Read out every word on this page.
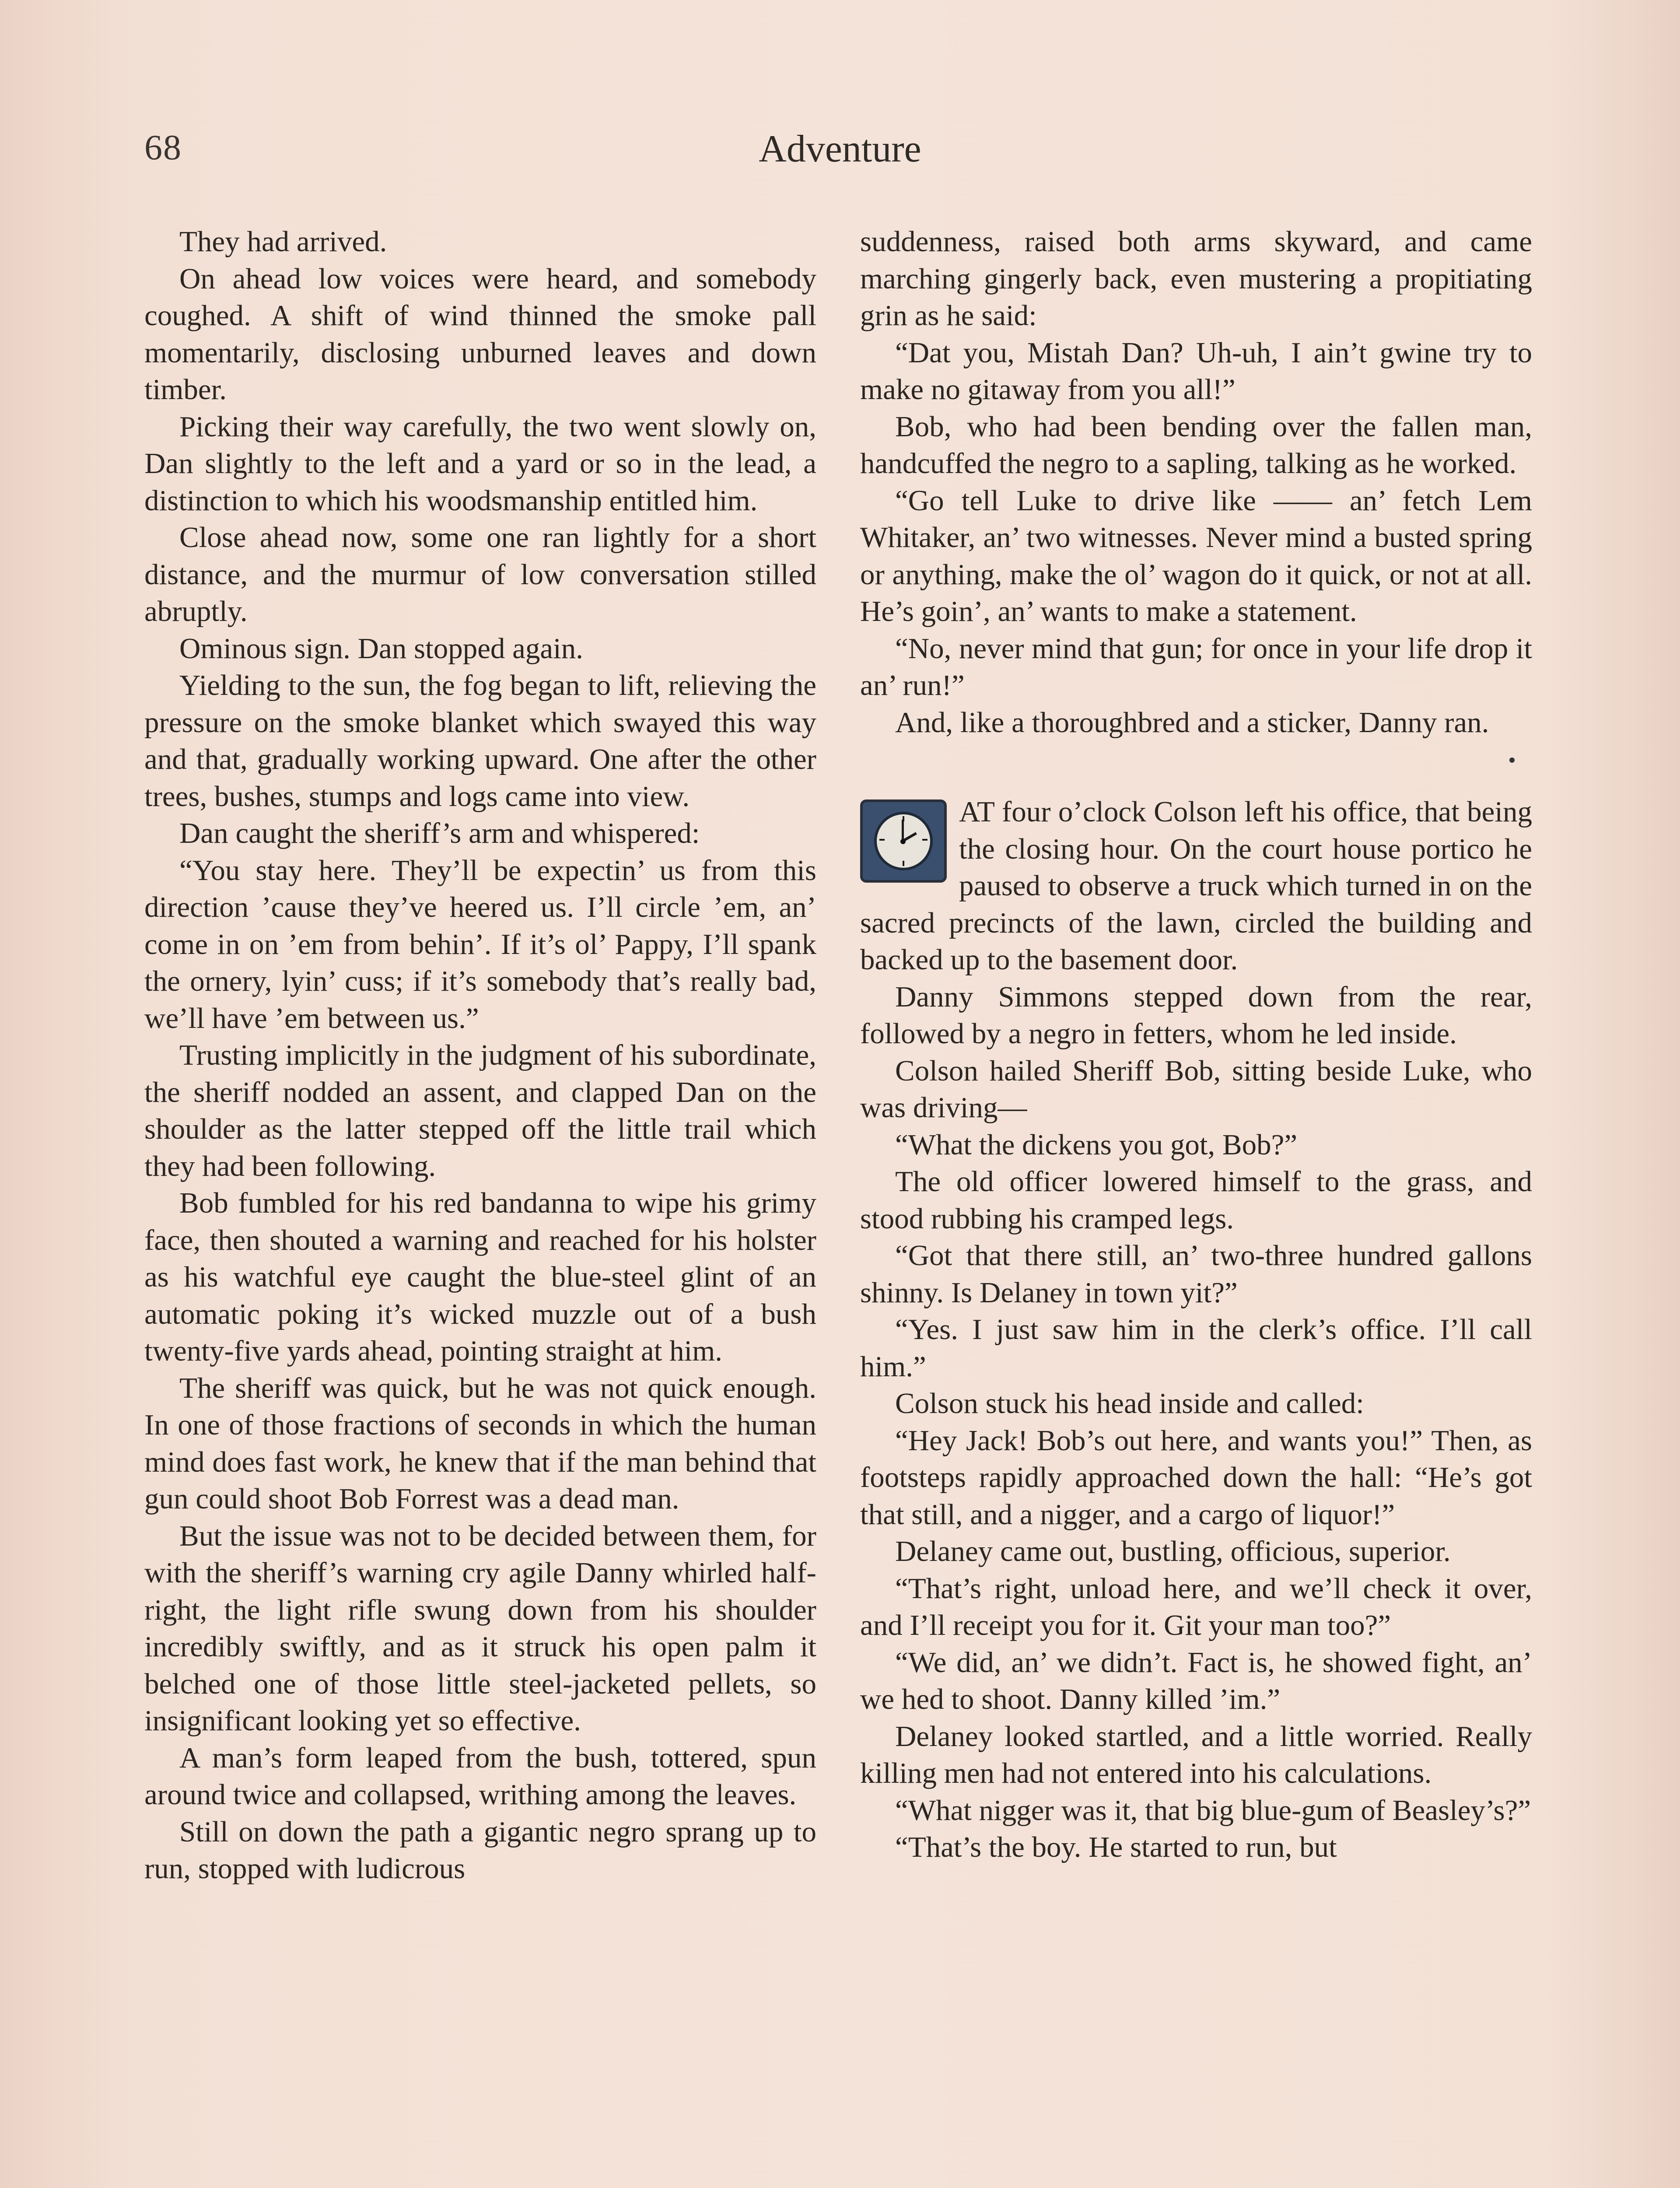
68	Adventure

They had arrived.

On ahead low voices were heard, and somebody coughed. A shift of wind thinned the smoke pall momentarily, disclosing unburned leaves and down timber.

Picking their way carefully, the two went slowly on, Dan slightly to the left and a yard or so in the lead, a distinction to which his woodsmanship entitled him.

Close ahead now, some one ran lightly for a short distance, and the murmur of low conversation stilled abruptly.

Ominous sign. Dan stopped again.

Yielding to the sun, the fog began to lift, relieving the pressure on the smoke blanket which swayed this way and that, gradually working upward. One after the other trees, bushes, stumps and logs came into view.

Dan caught the sheriff’s arm and whispered:

“You stay here. They’ll be expectin’ us from this direction ’cause they’ve heered us. I’ll circle ’em, an’ come in on ’em from behin’. If it’s ol’ Pappy, I’ll spank the ornery, lyin’ cuss; if it’s somebody that’s really bad, we’ll have ’em between us.”

Trusting implicitly in the judgment of his subordinate, the sheriff nodded an assent, and clapped Dan on the shoulder as the latter stepped off the little trail which they had been following.

Bob fumbled for his red bandanna to wipe his grimy face, then shouted a warning and reached for his holster as his watchful eye caught the blue-steel glint of an automatic poking it’s wicked muzzle out of a bush twenty-five yards ahead, pointing straight at him.

The sheriff was quick, but he was not quick enough. In one of those fractions of seconds in which the human mind does fast work, he knew that if the man behind that gun could shoot Bob Forrest was a dead man.

But the issue was not to be decided between them, for with the sheriff’s warning cry agile Danny whirled half-right, the light rifle swung down from his shoulder incredibly swiftly, and as it struck his open palm it belched one of those little steel-jacketed pellets, so insignificant looking yet so effective.

A man’s form leaped from the bush, tottered, spun around twice and collapsed, writhing among the leaves.

Still on down the path a gigantic negro sprang up to run, stopped with ludicrous

suddenness, raised both arms skyward, and came marching gingerly back, even mustering a propitiating grin as he said:

“Dat you, Mistah Dan? Uh-uh, I ain’t gwine try to make no gitaway from you all!”

Bob, who had been bending over the fallen man, handcuffed the negro to a sapling, talking as he worked.

“Go tell Luke to drive like —— an’ fetch Lem Whitaker, an’ two witnesses. Never mind a busted spring or anything, make the ol’ wagon do it quick, or not at all. He’s goin’, an’ wants to make a statement.

“No, never mind that gun; for once in your life drop it an’ run!”

And, like a thoroughbred and a sticker, Danny ran.

AT four o’clock Colson left his office, that being the closing hour. On the court house portico he paused to observe a truck which turned in on the sacred precincts of the lawn, circled the building and backed up to the basement door.

Danny Simmons stepped down from the rear, followed by a negro in fetters, whom he led inside.

Colson hailed Sheriff Bob, sitting beside Luke, who was driving—

“What the dickens you got, Bob?”

The old officer lowered himself to the grass, and stood rubbing his cramped legs.

“Got that there still, an’ two-three hundred gallons shinny. Is Delaney in town yit?”

“Yes. I just saw him in the clerk’s office. I’ll call him.”

Colson stuck his head inside and called:

“Hey Jack! Bob’s out here, and wants you!” Then, as footsteps rapidly approached down the hall: “He’s got that still, and a nigger, and a cargo of liquor!”

Delaney came out, bustling, officious, superior.

“That’s right, unload here, and we’ll check it over, and I’ll receipt you for it. Git your man too?”

“We did, an’ we didn’t. Fact is, he showed fight, an’ we hed to shoot. Danny killed ’im.”

Delaney looked startled, and a little worried. Really killing men had not entered into his calculations.

“What nigger was it, that big blue-gum of Beasley’s?”

“That’s the boy. He started to run, but
